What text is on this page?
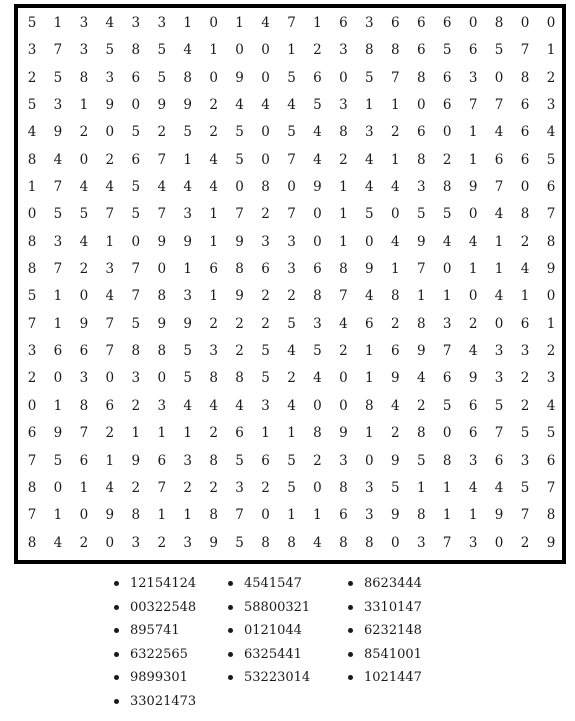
5 1 3 4 3 3 1 0 1 4 7 1 6 3 6 6 6 0 8 0 0
3 7 3 5 8 5 4 1 0 0 1 2 3 8 8 6 5 6 5 7 1
2 5 8 3 6 5 8 0 9 0 5 6 0 5 7 8 6 3 0 8 2
5 3 1 9 0 9 9 2 4 4 4 5 3 1 1 0 6 7 7 6 3
4 9 2 0 5 2 5 2 5 0 5 4 8 3 2 6 0 1 4 6 4
8 4 0 2 6 7 1 4 5 0 7 4 2 4 1 8 2 1 6 6 5
1 7 4 4 5 4 4 4 0 8 0 9 1 4 4 3 8 9 7 0 6
0 5 5 7 5 7 3 1 7 2 7 0 1 5 0 5 5 0 4 8 7
8 3 4 1 0 9 9 1 9 3 3 0 1 0 4 9 4 4 1 2 8
8 7 2 3 7 0 1 6 8 6 3 6 8 9 1 7 0 1 1 4 9
5 1 0 4 7 8 3 1 9 2 2 8 7 4 8 1 1 0 4 1 0
7 1 9 7 5 9 9 2 2 2 5 3 4 6 2 8 3 2 0 6 1
3 6 6 7 8 8 5 3 2 5 4 5 2 1 6 9 7 4 3 3 2
2 0 3 0 3 0 5 8 8 5 2 4 0 1 9 4 6 9 3 2 3
0 1 8 6 2 3 4 4 4 3 4 0 0 8 4 2 5 6 5 2 4
6 9 7 2 1 1 1 2 6 1 1 8 9 1 2 8 0 6 7 5 5
7 5 6 1 9 6 3 8 5 6 5 2 3 0 9 5 8 3 6 3 6
8 0 1 4 2 7 2 2 3 2 5 0 8 3 5 1 1 4 4 5 7
7 1 0 9 8 1 1 8 7 0 1 1 6 3 9 8 1 1 9 7 8
8 4 2 0 3 2 3 9 5 8 8 4 8 8 0 3 7 3 0 2 9
12154124
00322548
895741
6322565
9899301
33021473
4541547
58800321
0121044
6325441
53223014
8623444
3310147
6232148
8541001
1021447
